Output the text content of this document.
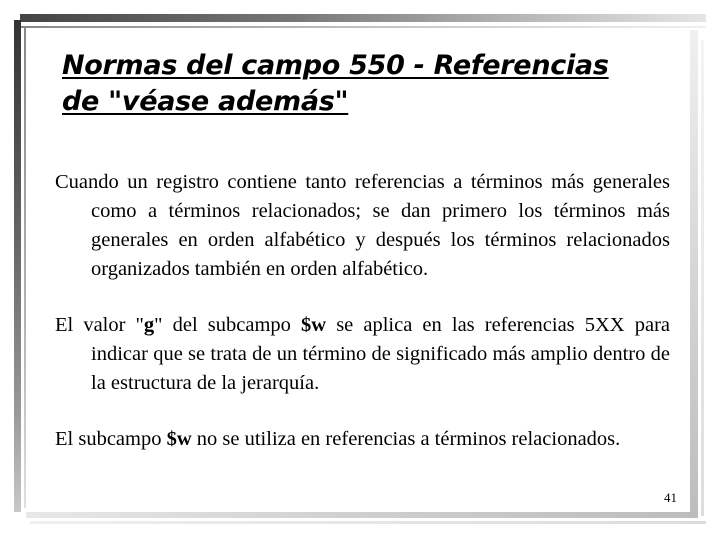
Normas del campo 550 - Referencias
de "véase además"

Cuando un registro contiene tanto referencias a términos más generales como a términos relacionados; se dan primero los términos más generales en orden alfabético y después los términos relacionados organizados también en orden alfabético.

El valor "g" del subcampo $w se aplica en las referencias 5XX para indicar que se trata de un término de significado más amplio dentro de la estructura de la jerarquía.

El subcampo $w no se utiliza en referencias a términos relacionados.

41
